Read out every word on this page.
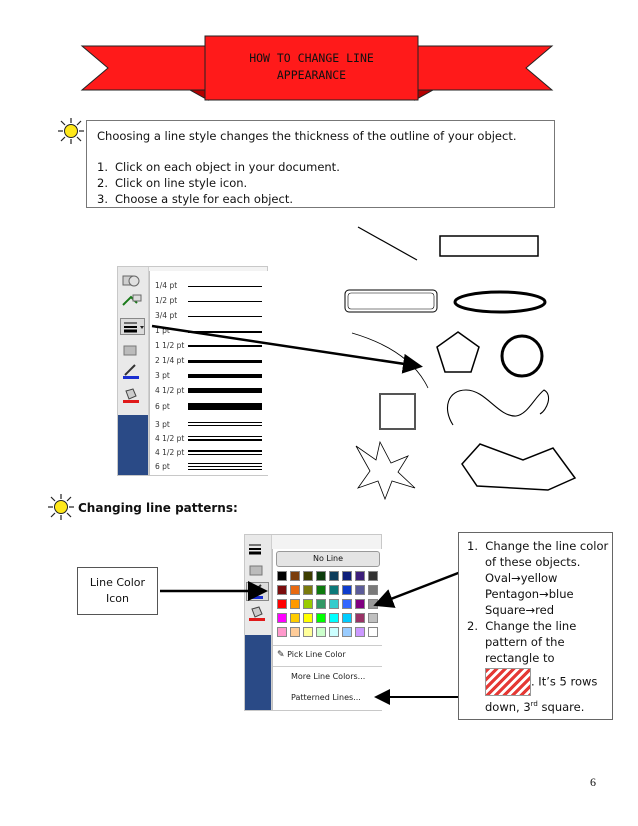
HOW TO CHANGE LINE
APPEARANCE
Choosing a line style changes the thickness of the outline of your object.
1. Click on each object in your document.
2. Click on line style icon.
3. Choose a style for each object.
1/4 pt
1/2 pt
3/4 pt
1 pt
1 1/2 pt
2 1/4 pt
3 pt
4 1/2 pt
6 pt
3 pt
4 1/2 pt
4 1/2 pt
6 pt
Changing line patterns:
Line Color
Icon
No Line
✎ Pick Line Color
More Line Colors...
Patterned Lines...
1. Change the line color
of these objects.
Oval→yellow
Pentagon→blue
Square→red
2. Change the line
pattern of the
rectangle to
. It’s 5 rows
down, 3rd square.
6
